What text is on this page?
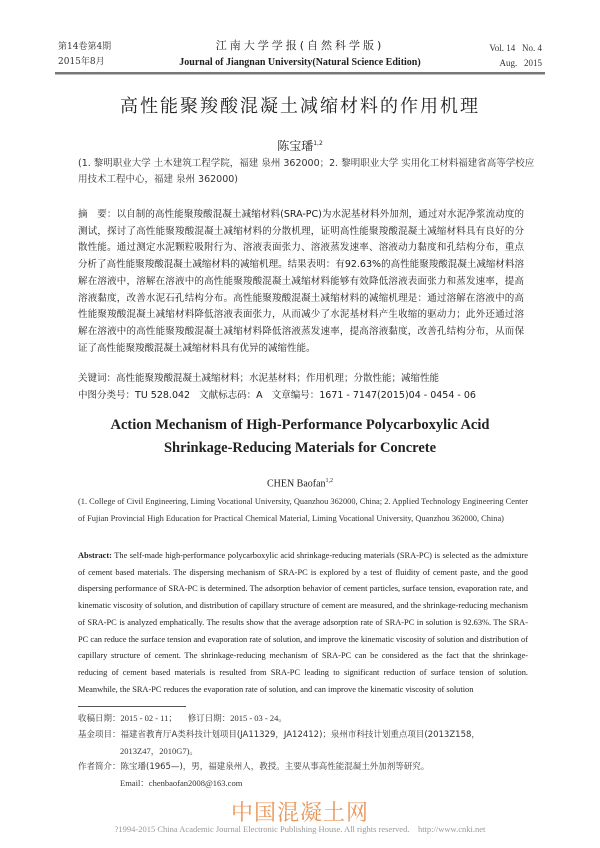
第14卷第4期
2015年8月
江南大学学报(自然科学版)
Journal of Jiangnan University(Natural Science Edition)
Vol. 14   No. 4
Aug.   2015
高性能聚羧酸混凝土减缩材料的作用机理
陈宝璠$^{1,2}$
(1. 黎明职业大学 土木建筑工程学院，福建 泉州 362000；2. 黎明职业大学 实用化工材料福建省高等学校应用技术工程中心，福建 泉州 362000)
摘　要：以自制的高性能聚羧酸混凝土减缩材料(SRA-PC)为水泥基材料外加剂，通过对水泥净浆流动度的测试，探讨了高性能聚羧酸混凝土减缩材料的分散机理，证明高性能聚羧酸混凝土减缩材料具有良好的分散性能。通过测定水泥颗粒吸附行为、溶液表面张力、溶液蒸发速率、溶液动力黏度和孔结构分布，重点分析了高性能聚羧酸混凝土减缩材料的减缩机理。结果表明：有92.63%的高性能聚羧酸混凝土减缩材料溶解在溶液中，溶解在溶液中的高性能聚羧酸混凝土减缩材料能够有效降低溶液表面张力和蒸发速率，提高溶液黏度，改善水泥石孔结构分布。高性能聚羧酸混凝土减缩材料的减缩机理是：通过溶解在溶液中的高性能聚羧酸混凝土减缩材料降低溶液表面张力，从而减少了水泥基材料产生收缩的驱动力；此外还通过溶解在溶液中的高性能聚羧酸混凝土减缩材料降低溶液蒸发速率，提高溶液黏度，改善孔结构分布，从而保证了高性能聚羧酸混凝土减缩材料具有优异的减缩性能。
关键词：高性能聚羧酸混凝土减缩材料；水泥基材料；作用机理；分散性能；减缩性能
中图分类号：TU 528.042 文献标志码：A 文章编号：1671 - 7147(2015)04 - 0454 - 06
Action Mechanism of High-Performance Polycarboxylic Acid
Shrinkage-Reducing Materials for Concrete
CHEN Baofan$^{1,2}$
(1. College of Civil Engineering, Liming Vocational University, Quanzhou 362000, China; 2. Applied Technology Engineering Center of Fujian Provincial High Education for Practical Chemical Material, Liming Vocational University, Quanzhou 362000, China)
Abstract: The self-made high-performance polycarboxylic acid shrinkage-reducing materials (SRA-PC) is selected as the admixture of cement based materials. The dispersing mechanism of SRA-PC is explored by a test of fluidity of cement paste, and the good dispersing performance of SRA-PC is determined. The adsorption behavior of cement particles, surface tension, evaporation rate, and kinematic viscosity of solution, and distribution of capillary structure of cement are measured, and the shrinkage-reducing mechanism of SRA-PC is analyzed emphatically. The results show that the average adsorption rate of SRA-PC in solution is 92.63%. The SRA-PC can reduce the surface tension and evaporation rate of solution, and improve the kinematic viscosity of solution and distribution of capillary structure of cement. The shrinkage-reducing mechanism of SRA-PC can be considered as the fact that the shrinkage-reducing of cement based materials is resulted from SRA-PC leading to significant reduction of surface tension of solution. Meanwhile, the SRA-PC reduces the evaporation rate of solution, and can improve the kinematic viscosity of solution
收稿日期：2015 - 02 - 11； 修订日期：2015 - 03 - 24。
基金项目：福建省教育厅A类科技计划项目(JA11329，JA12412)；泉州市科技计划重点项目(2013Z158，
2013Z47，2010G7)。
作者简介：陈宝璠(1965—)，男，福建泉州人，教授。主要从事高性能混凝土外加剂等研究。
Email：chenbaofan2008@163.com
中国混凝土网
?1994-2015 China Academic Journal Electronic Publishing House. All rights reserved.    http://www.cnki.net
